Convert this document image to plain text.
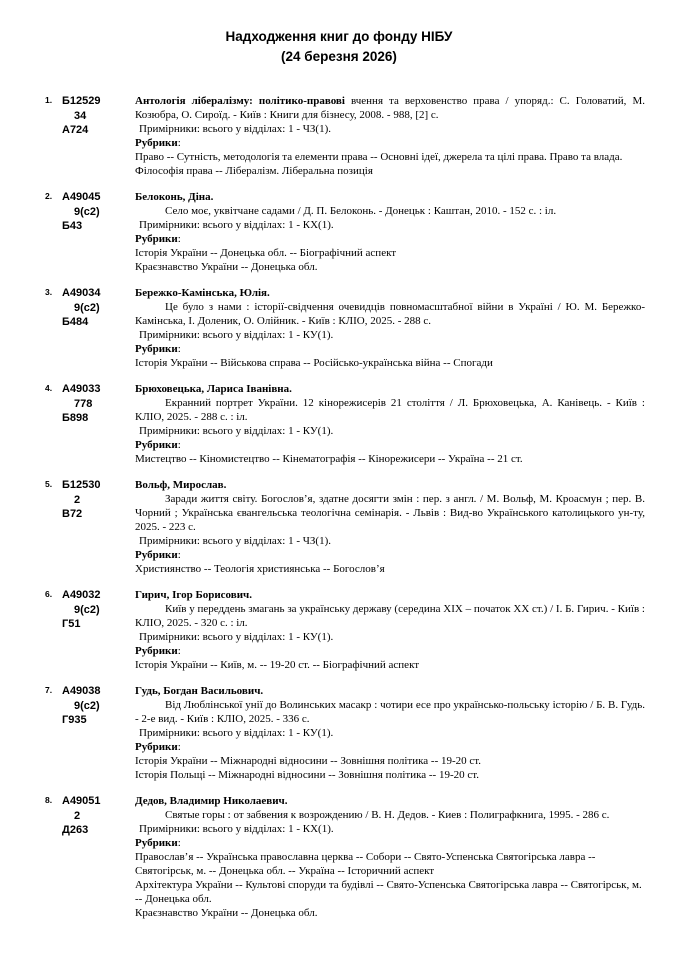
Надходження книг до фонду НІБУ
(24 березня 2026)
1. Б12529
34
А724

Антологія лібералізму: політико-правові вчення та верховенство права / упоряд.: С. Головатий, М. Козюбра, О. Сироїд. - Київ : Книги для бізнесу, 2008. - 988, [2] с.

Примірники: всього у відділах: 1 - ЧЗ(1).

Рубрики:

Право -- Сутність, методологія та елементи права -- Основні ідеї, джерела та цілі права. Право та влада. Філософія права -- Лібералізм. Ліберальна позиція

2. А49045
9(с2)
Б43

Белоконь, Діна.

Село моє, уквітчане садами / Д. П. Белоконь. - Донецьк : Каштан, 2010. - 152 с. : іл.

Примірники: всього у відділах: 1 - КХ(1).

Рубрики:

Історія України -- Донецька обл. -- Біографічний аспект

Краєзнавство України -- Донецька обл.

3. А49034
9(с2)
Б484

Бережко-Камінська, Юлія.

Це було з нами : історії-свідчення очевидців повномасштабної війни в Україні / Ю. М. Бережко-Камінська, І. Доленик, О. Олійник. - Київ : КЛІО, 2025. - 288 с.

Примірники: всього у відділах: 1 - КУ(1).

Рубрики:

Історія України -- Військова справа -- Російсько-українська війна -- Спогади

4. А49033
778
Б898

Брюховецька, Лариса Іванівна.

Екранний портрет України. 12 кінорежисерів 21 століття / Л. Брюховецька, А. Канівець. - Київ : КЛІО, 2025. - 288 с. : іл.

Примірники: всього у відділах: 1 - КУ(1).

Рубрики:

Мистецтво -- Кіномистецтво -- Кінематографія -- Кінорежисери -- Україна -- 21 ст.

5. Б12530
2
В72

Вольф, Мирослав.

Заради життя світу. Богослов’я, здатне досягти змін : пер. з англ. / М. Вольф, М. Кроасмун ; пер. В. Чорний ; Українська євангельська теологічна семінарія. - Львів : Вид-во Українського католицького ун-ту, 2025. - 223 с.

Примірники: всього у відділах: 1 - ЧЗ(1).

Рубрики:

Християнство -- Теологія християнська -- Богослов’я

6. А49032
9(с2)
Г51

Гирич, Ігор Борисович.

Київ у переддень змагань за українську державу (середина XIX – початок XX ст.) / І. Б. Гирич. - Київ : КЛІО, 2025. - 320 с. : іл.

Примірники: всього у відділах: 1 - КУ(1).

Рубрики:

Історія України -- Київ, м. -- 19-20 ст. -- Біографічний аспект

7. А49038
9(с2)
Г935

Гудь, Богдан Васильович.

Від Люблінської унії до Волинських масакр : чотири есе про українсько-польську історію / Б. В. Гудь. - 2-е вид. - Київ : КЛІО, 2025. - 336 с.

Примірники: всього у відділах: 1 - КУ(1).

Рубрики:

Історія України -- Міжнародні відносини -- Зовнішня політика -- 19-20 ст.

Історія Польщі -- Міжнародні відносини -- Зовнішня політика -- 19-20 ст.

8. А49051
2
Д263

Дедов, Владимир Николаевич.

Святые горы : от забвения к возрождению / В. Н. Дедов. - Киев : Полиграфкнига, 1995. - 286 с.

Примірники: всього у відділах: 1 - КХ(1).

Рубрики:

Православ’я -- Українська православна церква -- Собори -- Свято-Успенська Святогірська лавра -- Святогірськ, м. -- Донецька обл. -- Україна -- Історичний аспект

Архітектура України -- Культові споруди та будівлі -- Свято-Успенська Святогірська лавра -- Святогірськ, м. -- Донецька обл.

Краєзнавство України -- Донецька обл.
